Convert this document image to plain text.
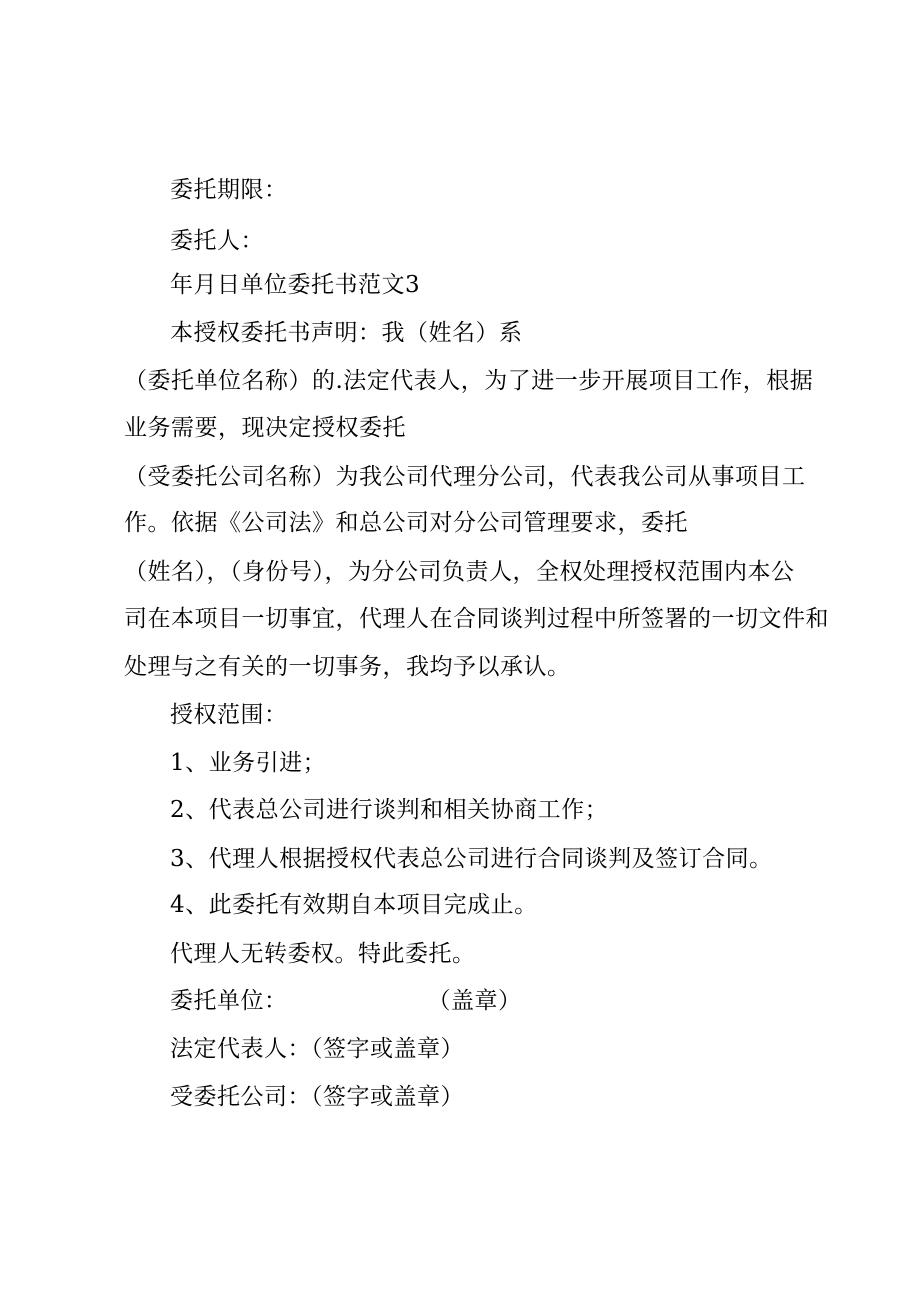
委托期限：
委托人：
年月日单位委托书范文3
本授权委托书声明：我（姓名）系
（委托单位名称）的.法定代表人，为了进一步开展项目工作，根据
业务需要，现决定授权委托
（受委托公司名称）为我公司代理分公司，代表我公司从事项目工
作。依据《公司法》和总公司对分公司管理要求，委托
（姓名），（身份号），为分公司负责人，全权处理授权范围内本公
司在本项目一切事宜，代理人在合同谈判过程中所签署的一切文件和
处理与之有关的一切事务，我均予以承认。
授权范围：
1、业务引进；
2、代表总公司进行谈判和相关协商工作；
3、代理人根据授权代表总公司进行合同谈判及签订合同。
4、此委托有效期自本项目完成止。
代理人无转委权。特此委托。
委托单位：	（盖章）
法定代表人：（签字或盖章）
受委托公司：（签字或盖章）
